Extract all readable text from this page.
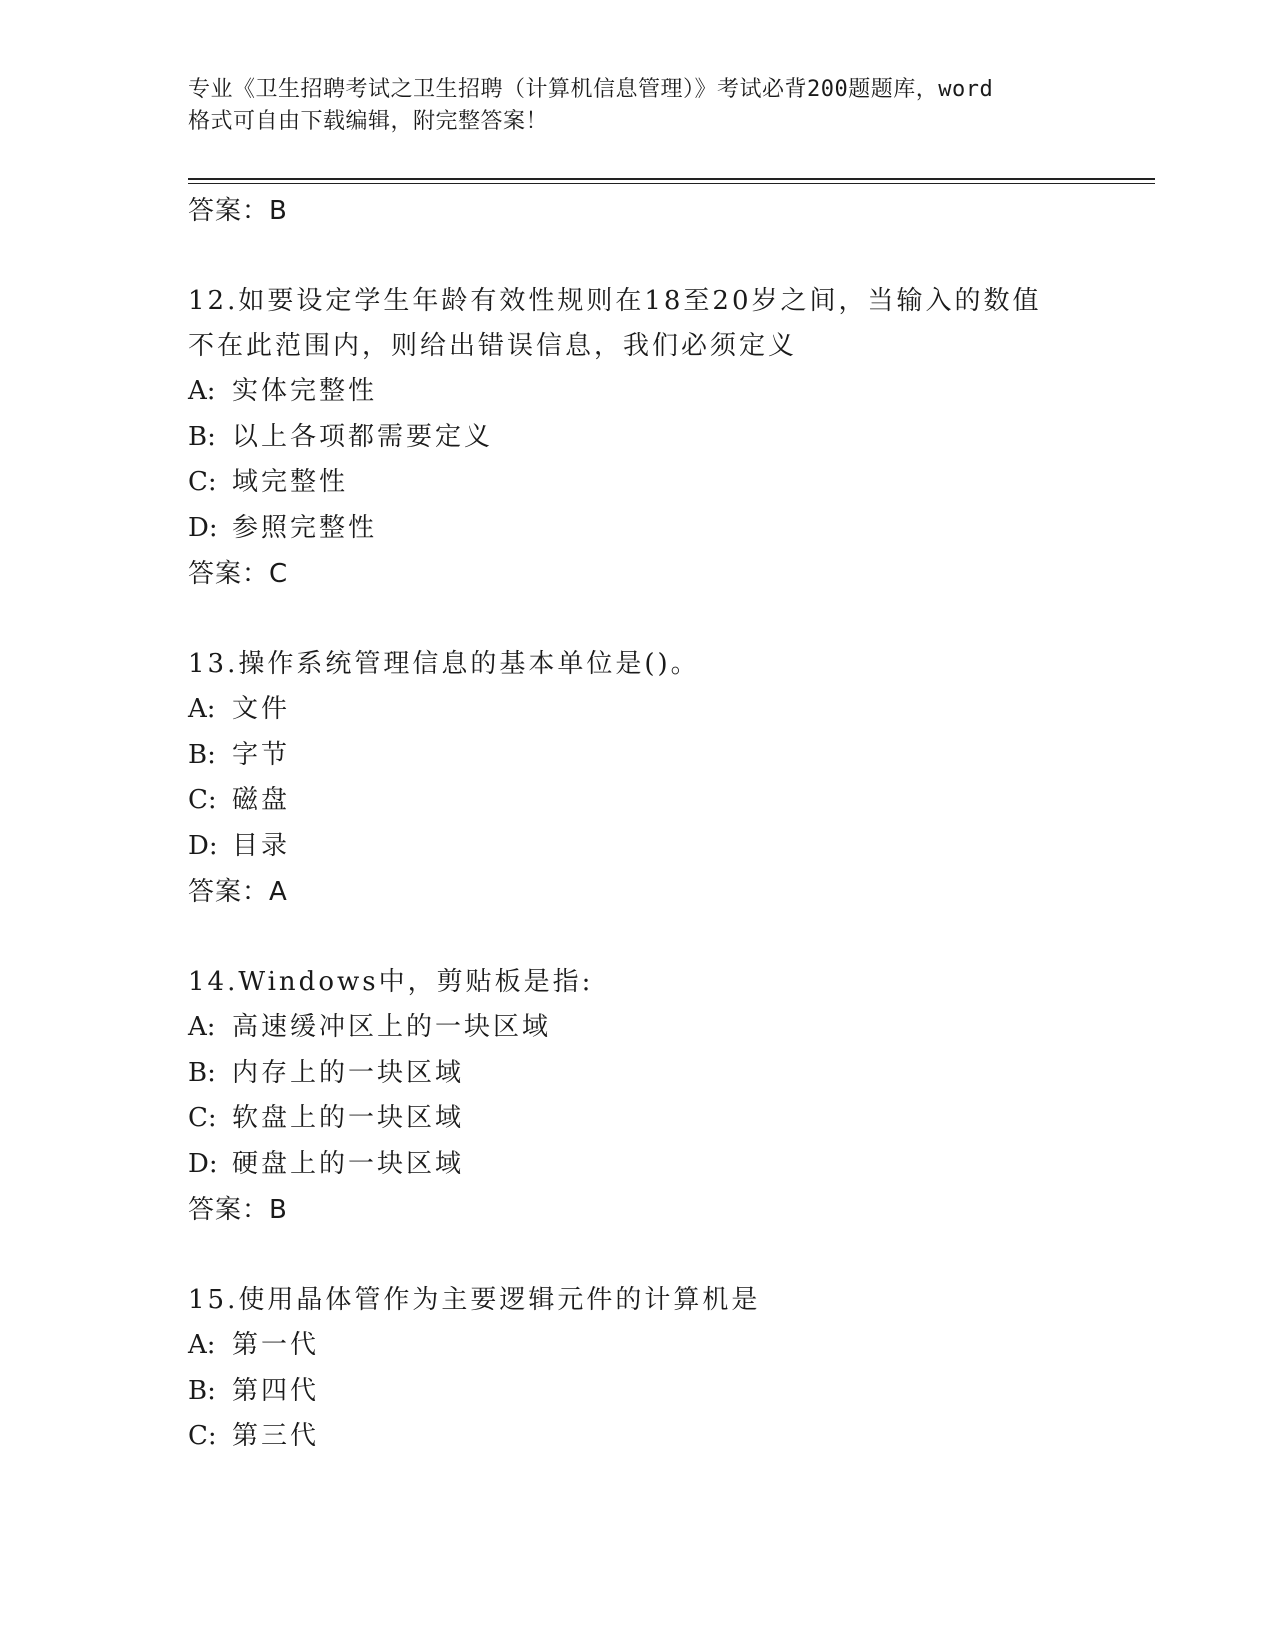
专业《卫生招聘考试之卫生招聘（计算机信息管理）》考试必背200题题库，word
格式可自由下载编辑，附完整答案！

答案：B

12.如要设定学生年龄有效性规则在18至20岁之间，当输入的数值不在此范围内，则给出错误信息，我们必须定义

A: 实体完整性

B: 以上各项都需要定义

C: 域完整性

D: 参照完整性

答案：C

13.操作系统管理信息的基本单位是()。

A: 文件

B: 字节

C: 磁盘

D: 目录

答案：A

14.Windows中，剪贴板是指:

A: 高速缓冲区上的一块区域

B: 内存上的一块区域

C: 软盘上的一块区域

D: 硬盘上的一块区域

答案：B

15.使用晶体管作为主要逻辑元件的计算机是

A: 第一代

B: 第四代

C: 第三代
